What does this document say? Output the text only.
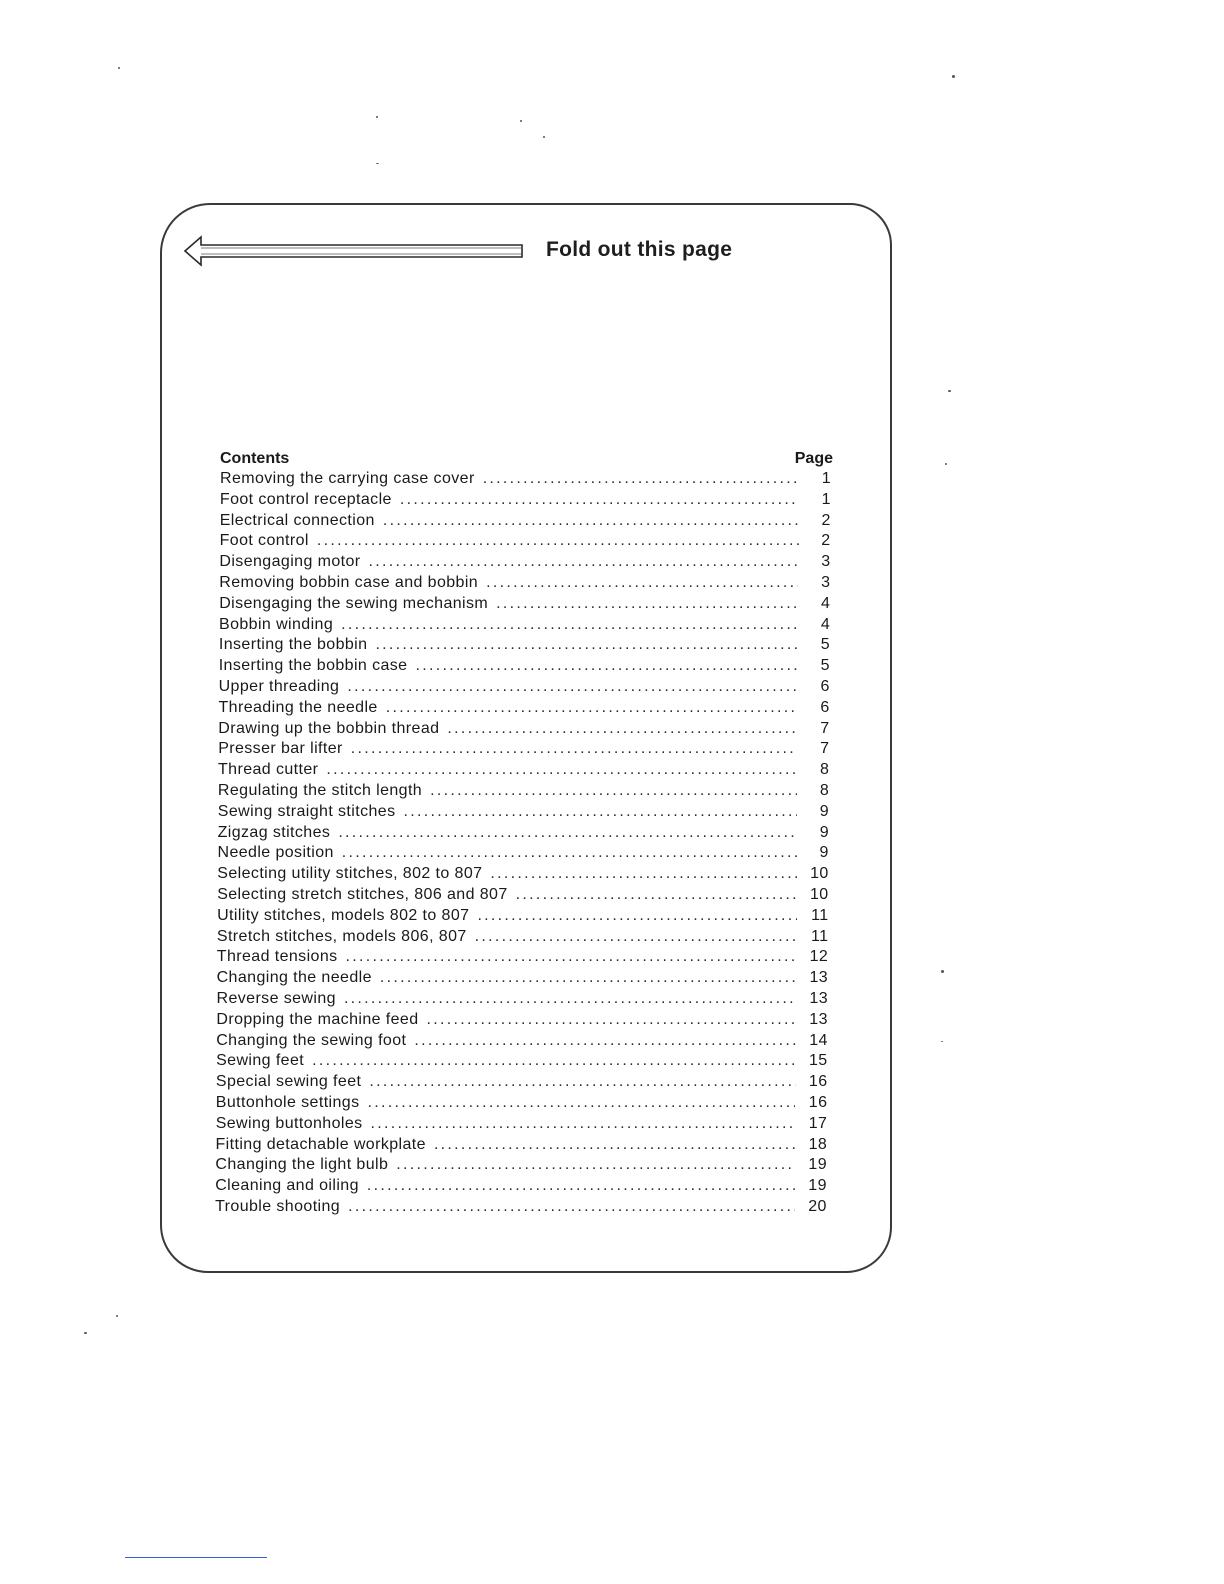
Fold out this page
Contents	Page
Removing the carrying case cover .....	1
Foot control receptacle .....	1
Electrical connection .....	2
Foot control .....	2
Disengaging motor .....	3
Removing bobbin case and bobbin .....	3
Disengaging the sewing mechanism .....	4
Bobbin winding .....	4
Inserting the bobbin .....	5
Inserting the bobbin case .....	5
Upper threading .....	6
Threading the needle .....	6
Drawing up the bobbin thread .....	7
Presser bar lifter .....	7
Thread cutter .....	8
Regulating the stitch length .....	8
Sewing straight stitches .....	9
Zigzag stitches .....	9
Needle position .....	9
Selecting utility stitches, 802 to 807 .....	10
Selecting stretch stitches, 806 and 807 .....	10
Utility stitches, models 802 to 807 .....	11
Stretch stitches, models 806, 807 .....	11
Thread tensions .....	12
Changing the needle .....	13
Reverse sewing .....	13
Dropping the machine feed .....	13
Changing the sewing foot .....	14
Sewing feet .....	15
Special sewing feet .....	16
Buttonhole settings .....	16
Sewing buttonholes .....	17
Fitting detachable workplate .....	18
Changing the light bulb .....	19
Cleaning and oiling .....	19
Trouble shooting .....	20
